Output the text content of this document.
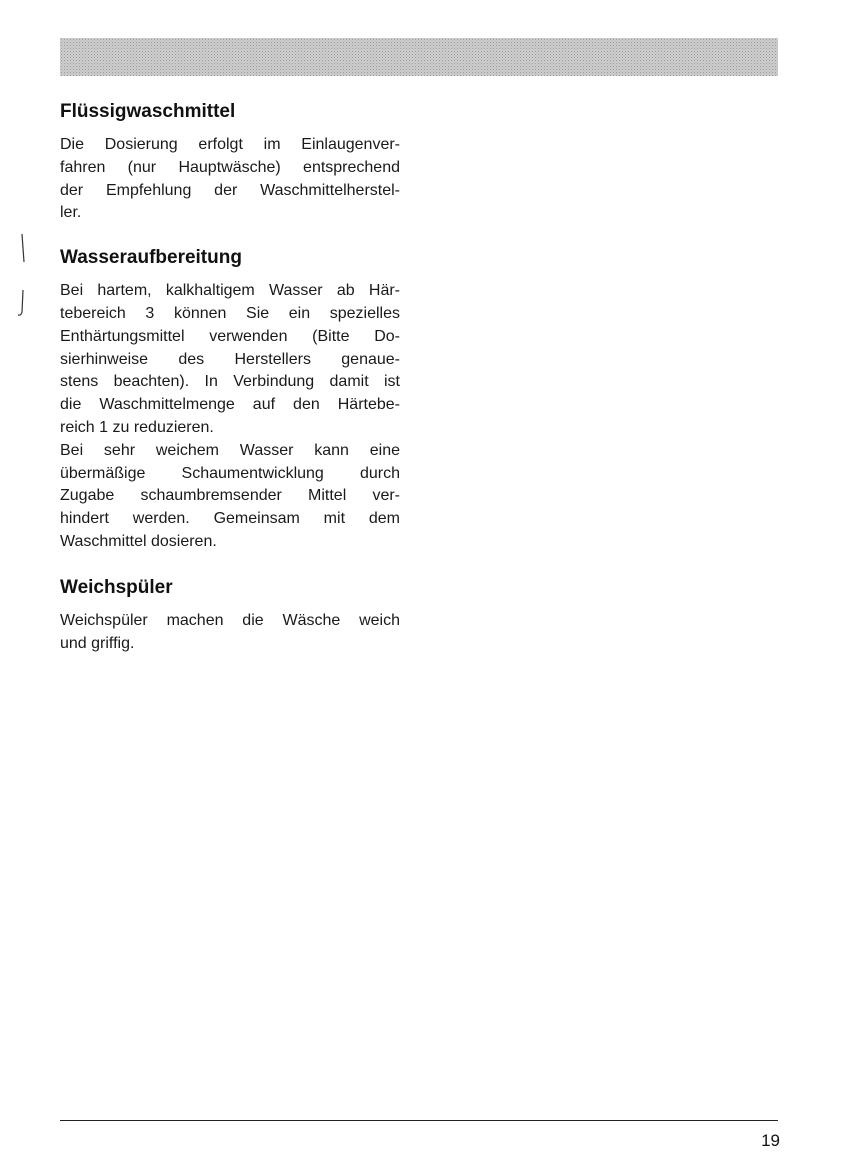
Flüssigwaschmittel

Die Dosierung erfolgt im Einlaugenver-
fahren (nur Hauptwäsche) entsprechend
der Empfehlung der Waschmittelherstel-
ler.

Wasseraufbereitung

Bei hartem, kalkhaltigem Wasser ab Här-
tebereich 3 können Sie ein spezielles
Enthärtungsmittel verwenden (Bitte Do-
sierhinweise des Herstellers genaue-
stens beachten). In Verbindung damit ist
die Waschmittelmenge auf den Härtebe-
reich 1 zu reduzieren.
Bei sehr weichem Wasser kann eine
übermäßige Schaumentwicklung durch
Zugabe schaumbremsender Mittel ver-
hindert werden. Gemeinsam mit dem
Waschmittel dosieren.

Weichspüler

Weichspüler machen die Wäsche weich
und griffig.

19
